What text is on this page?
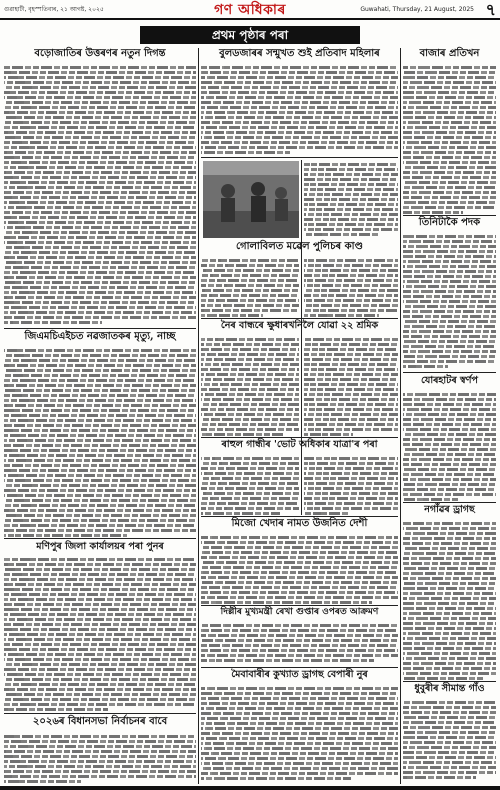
গুৱাহাটী, বৃহস্পতিবাৰ, ২১ আগষ্ট, ২০২৫	Guwahati, Thursday, 21 August, 2025
গণ অধিকাৰ	৭
প্ৰথম পৃষ্ঠাৰ পৰা
বড়োজাতিৰ উত্তৰণৰ নতুন দিগন্ত
জিএমচিএইচত নৱজাতকৰ মৃত্যু, নাচ্ছ
মণিপুৰ জিলা কাৰ্যালয়ৰ পৰা পুনৰ
২০২৬ৰ বিধানসভা নিৰ্বাচনৰ বাবে
বুলডজাৰৰ সন্মুখত শুই প্ৰতিবাদ মহিলাৰ
গোলাবিলত মৱেল পুলিচৰ কাণ্ড
নৈৰ বান্ধৰে ক্ষুধাৰখনিলৈ যোৱা ২২ শ্ৰমিক
ৰাহুল গান্ধীৰ 'ভোট অধিকাৰ যাত্ৰা'ৰ পৰা
মিজো খেদাৰ নামত উজনিত দেশী
দিল্লীৰ মুখ্যমন্ত্ৰী ৰেখা গুপ্তাৰ ওপৰত আক্ৰমণ
মৈবাবাৰীৰ কুখ্যাত ড্ৰাগছ বেপাৰী নুৰ
বাজাৰ প্ৰতিখন
তিনিটাকৈ পদক
যোৰহাটৰ স্বৰ্ণপ
নগাঁৱৰ ড্ৰাগছ
ধুবুৰীৰ সীমান্ত গাঁও
